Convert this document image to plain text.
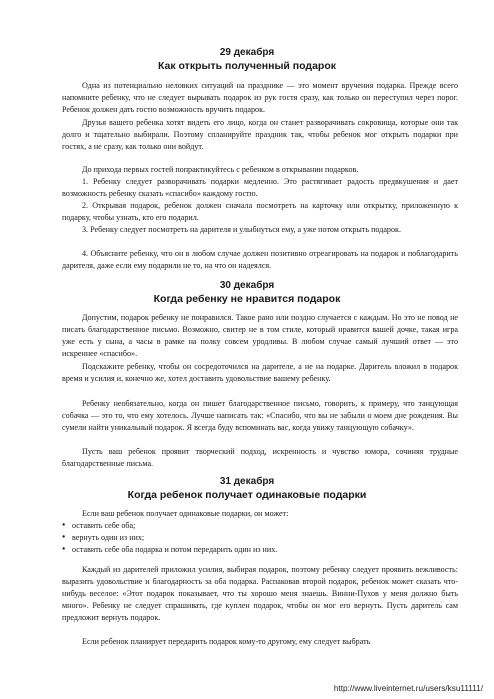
29 декабря
Как открыть полученный подарок

Одна из потенциально неловких ситуаций на празднике — это момент вручения подарка. Прежде всего напомните ребенку, что не следует вырывать подарок из рук гостя сразу, как только он переступил через порог. Ребенок должен дать гостю возможность вручить подарок.

Друзья вашего ребенка хотят видеть его лицо, когда он станет разворачивать сокровища, которые они так долго и тщательно выбирали. Поэтому спланируйте праздник так, чтобы ребенок мог открыть подарки при гостях, а не сразу, как только они войдут.

До прихода первых гостей попрактикуйтесь с ребенком в открывании подарков.

1. Ребенку следует разворачивать подарки медленно. Это растягивает радость предвкушения и дает возможность ребенку сказать «спасибо» каждому гостю.

2. Открывая подарок, ребенок должен сначала посмотреть на карточку или открытку, приложенную к подарку, чтобы узнать, кто его подарил.

3. Ребенку следует посмотреть на дарителя и улыбнуться ему, а уже потом открыть подарок.

4. Объясните ребенку, что он в любом случае должен позитивно отреагировать на подарок и поблагодарить дарителя, даже если ему подарили не то, на что он надеялся.

30 декабря
Когда ребенку не нравится подарок

Допустим, подарок ребенку не понравился. Такое рано или поздно случается с каждым. Но это не повод не писать благодарственное письмо. Возможно, свитер не в том стиле, который нравится вашей дочке, такая игра уже есть у сына, а часы в рамке на полку совсем уродливы. В любом случае самый лучший ответ — это искреннее «спасибо».

Подскажите ребенку, чтобы он сосредоточился на дарителе, а не на подарке. Даритель вложил в подарок время и усилия и, конечно же, хотел доставить удовольствие вашему ребенку.

Ребенку необязательно, когда он пишет благодарственное письмо, говорить, к примеру, что танцующая собачка — это то, что ему хотелось. Лучше написать так: «Спасибо, что вы не забыли о моем дне рождения. Вы сумели найти уникальный подарок. Я всегда буду вспоминать вас, когда увижу танцующую собачку».

Пусть ваш ребенок проявит творческий подход, искренность и чувство юмора, сочиняя трудные благодарственные письма.

31 декабря
Когда ребенок получает одинаковые подарки

Если ваш ребенок получает одинаковые подарки, он может:

● оставить себе оба;
● вернуть один из них;
● оставить себе оба подарка и потом передарить один из них.

Каждый из дарителей приложил усилия, выбирая подарок, поэтому ребенку следует проявить вежливость: выразить удовольствие и благодарность за оба подарка. Распаковав второй подарок, ребенок может сказать что-нибудь веселое: «Этот подарок показывает, что ты хорошо меня знаешь. Винни-Пухов у меня должно быть много». Ребенку не следует спрашивать, где куплен подарок, чтобы он мог его вернуть. Пусть даритель сам предложит вернуть подарок.

Если ребенок планирует передарить подарок кому-то другому, ему следует выбрать

http://www.liveinternet.ru/users/ksu11111/
